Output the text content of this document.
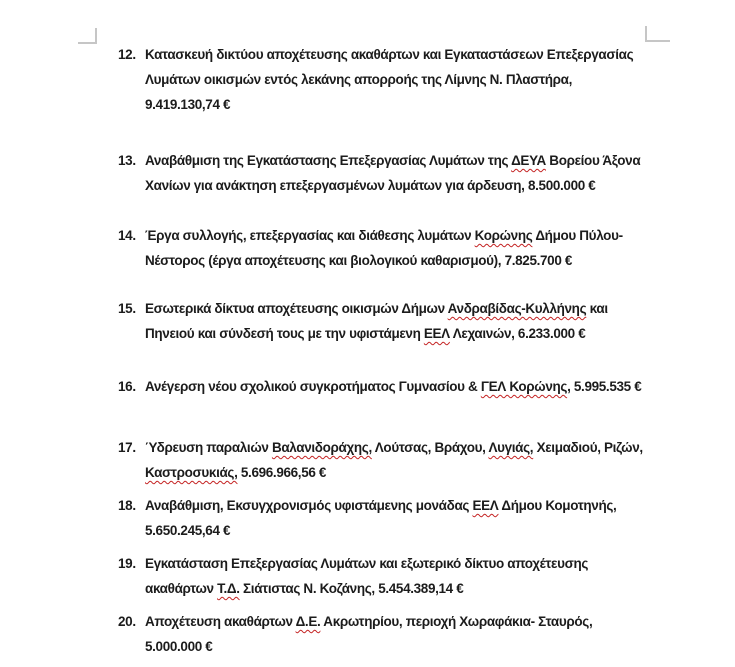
12. Κατασκευή δικτύου αποχέτευσης ακαθάρτων και Εγκαταστάσεων Επεξεργασίας
Λυμάτων οικισμών εντός λεκάνης απορροής της Λίμνης Ν. Πλαστήρα,
9.419.130,74 €
13. Αναβάθμιση της Εγκατάστασης Επεξεργασίας Λυμάτων της ΔΕΥΑ Βορείου Άξονα
Χανίων για ανάκτηση επεξεργασμένων λυμάτων για άρδευση, 8.500.000 €
14. Έργα συλλογής, επεξεργασίας και διάθεσης λυμάτων Κορώνης Δήμου Πύλου-
Νέστορος (έργα αποχέτευσης και βιολογικού καθαρισμού), 7.825.700 €
15. Εσωτερικά δίκτυα αποχέτευσης οικισμών Δήμων Ανδραβίδας-Κυλλήνης και
Πηνειού και σύνδεσή τους με την υφιστάμενη ΕΕΛ Λεχαινών, 6.233.000 €
16. Ανέγερση νέου σχολικού συγκροτήματος Γυμνασίου & ΓΕΛ Κορώνης, 5.995.535 €
17. Ύδρευση παραλιών Βαλανιδοράχης, Λούτσας, Βράχου, Λυγιάς, Χειμαδιού, Ριζών,
Καστροσυκιάς, 5.696.966,56 €
18. Αναβάθμιση, Εκσυγχρονισμός υφιστάμενης μονάδας ΕΕΛ Δήμου Κομοτηνής,
5.650.245,64 €
19. Εγκατάσταση Επεξεργασίας Λυμάτων και εξωτερικό δίκτυο αποχέτευσης
ακαθάρτων Τ.Δ. Σιάτιστας Ν. Κοζάνης, 5.454.389,14 €
20. Αποχέτευση ακαθάρτων Δ.Ε. Ακρωτηρίου, περιοχή Χωραφάκια- Σταυρός,
5.000.000 €
